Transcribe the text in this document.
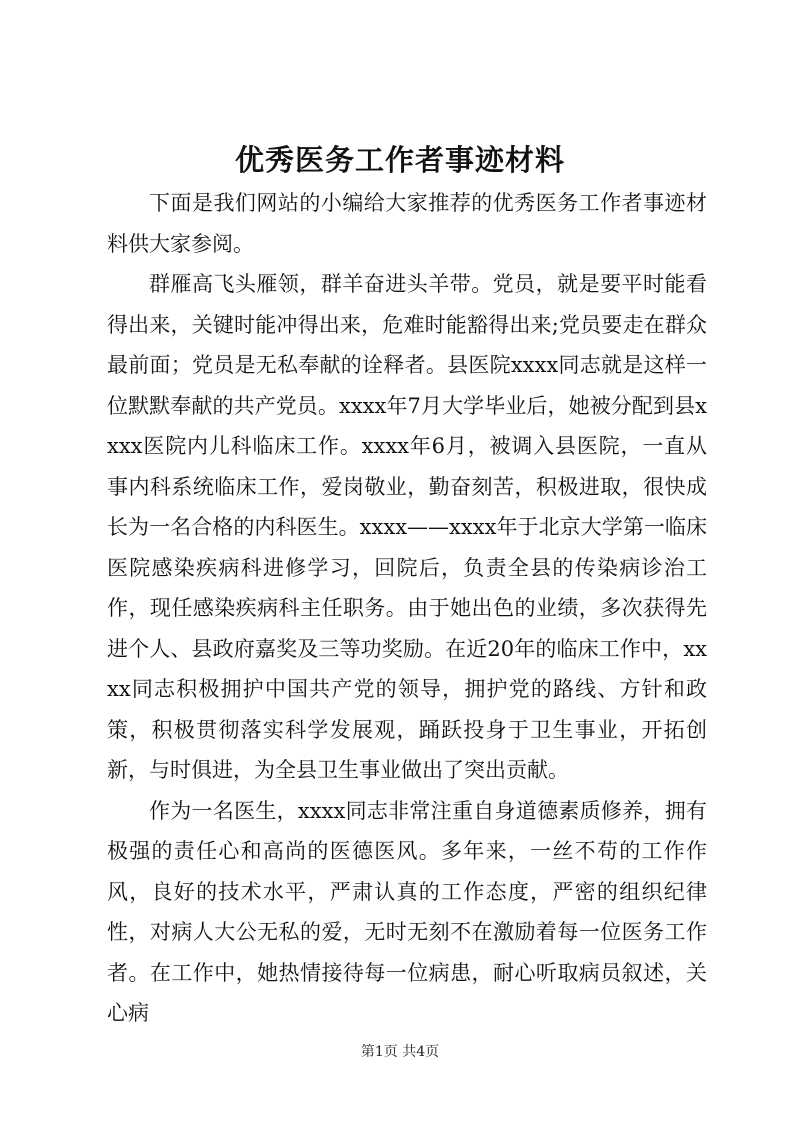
优秀医务工作者事迹材料

下面是我们网站的小编给大家推荐的优秀医务工作者事迹材料供大家参阅。

群雁高飞头雁领，群羊奋进头羊带。党员，就是要平时能看得出来，关键时能冲得出来，危难时能豁得出来;党员要走在群众最前面；党员是无私奉献的诠释者。县医院xxxx同志就是这样一位默默奉献的共产党员。xxxx年7月大学毕业后，她被分配到县xxxx医院内儿科临床工作。xxxx年6月，被调入县医院，一直从事内科系统临床工作，爱岗敬业，勤奋刻苦，积极进取，很快成长为一名合格的内科医生。xxxx——xxxx年于北京大学第一临床医院感染疾病科进修学习，回院后，负责全县的传染病诊治工作，现任感染疾病科主任职务。由于她出色的业绩，多次获得先进个人、县政府嘉奖及三等功奖励。在近20年的临床工作中，xxxx同志积极拥护中国共产党的领导，拥护党的路线、方针和政策，积极贯彻落实科学发展观，踊跃投身于卫生事业，开拓创新，与时俱进，为全县卫生事业做出了突出贡献。

作为一名医生，xxxx同志非常注重自身道德素质修养，拥有极强的责任心和高尚的医德医风。多年来，一丝不苟的工作作风，良好的技术水平，严肃认真的工作态度，严密的组织纪律性，对病人大公无私的爱，无时无刻不在激励着每一位医务工作者。在工作中，她热情接待每一位病患，耐心听取病员叙述，关心病

第1页 共4页
